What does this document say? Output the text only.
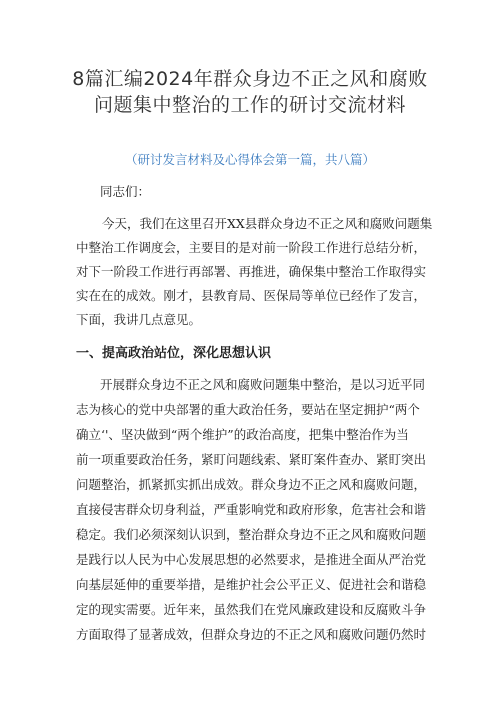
8篇汇编2024年群众身边不正之风和腐败
问题集中整治的工作的研讨交流材料
（研讨发言材料及心得体会第一篇，共八篇）
同志们：
今天，我们在这里召开XX县群众身边不正之风和腐败问题集
中整治工作调度会，主要目的是对前一阶段工作进行总结分析，
对下一阶段工作进行再部署、再推进，确保集中整治工作取得实
实在在的成效。刚才，县教育局、医保局等单位已经作了发言，
下面，我讲几点意见。
一、提高政治站位，深化思想认识
开展群众身边不正之风和腐败问题集中整治，是以习近平同
志为核心的党中央部署的重大政治任务，要站在坚定拥护“两个
确立‘'、坚决做到“两个维护”的政治高度，把集中整治作为当
前一项重要政治任务，紧盯问题线索、紧盯案件查办、紧盯突出
问题整治，抓紧抓实抓出成效。群众身边不正之风和腐败问题，
直接侵害群众切身利益，严重影响党和政府形象，危害社会和谐
稳定。我们必须深刻认识到，整治群众身边不正之风和腐败问题
是践行以人民为中心发展思想的必然要求，是推进全面从严治党
向基层延伸的重要举措，是维护社会公平正义、促进社会和谐稳
定的现实需要。近年来，虽然我们在党风廉政建设和反腐败斗争
方面取得了显著成效，但群众身边的不正之风和腐败问题仍然时
